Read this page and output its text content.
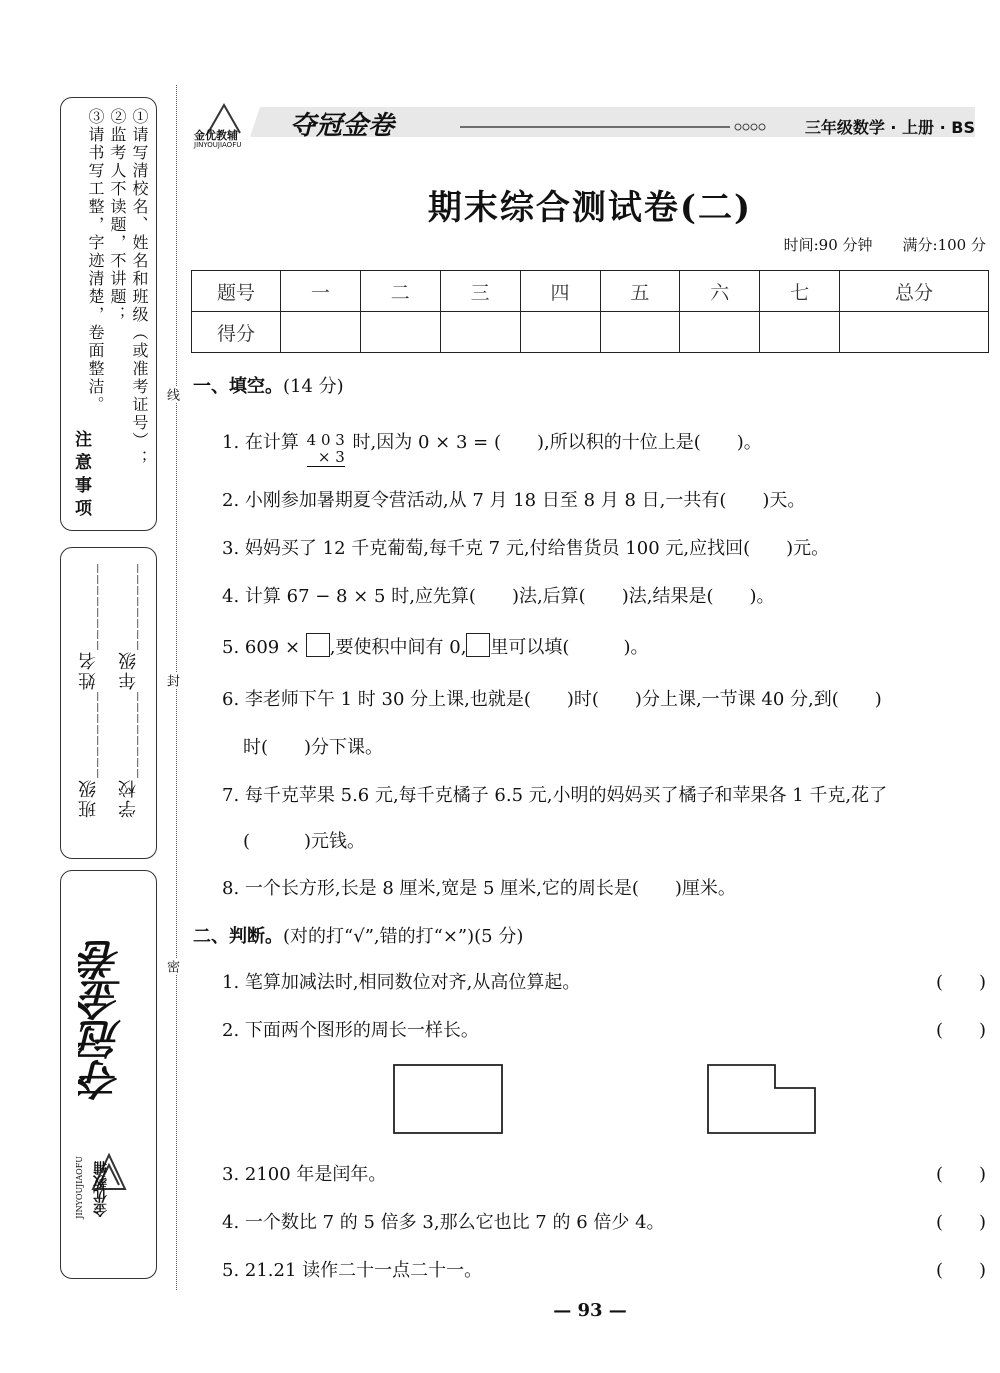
注意事项
①请写清校名、姓名和班级（或准考证号）；
②监考人不读题，不讲题；
③请书写工整，字迹清楚，卷面整洁。
学校________年级________
班级________姓名________
夺冠金卷
金优教辅
JINYOUJIAOFU
线
封
密
金优教辅
JINYOUJIAOFU
夺冠金卷	三年级数学 · 上册 · BS
期末综合测试卷(二)
时间:90 分钟　　满分:100 分
题号	一	二	三	四	五	六	七	总分
得分								
一、填空。(14 分)
1. 在计算 4 0 3
× 3
时,因为 0 × 3 = (　　),所以积的十位上是(　　)。
2. 小刚参加暑期夏令营活动,从 7 月 18 日至 8 月 8 日,一共有(　　)天。
3. 妈妈买了 12 千克葡萄,每千克 7 元,付给售货员 100 元,应找回(　　)元。
4. 计算 67 − 8 × 5 时,应先算(　　)法,后算(　　)法,结果是(　　)。
5. 609 × ,要使积中间有 0, 里可以填(　　　)。
6. 李老师下午 1 时 30 分上课,也就是(　　)时(　　)分上课,一节课 40 分,到(　　)
时(　　)分下课。
7. 每千克苹果 5.6 元,每千克橘子 6.5 元,小明的妈妈买了橘子和苹果各 1 千克,花了
(　　　)元钱。
8. 一个长方形,长是 8 厘米,宽是 5 厘米,它的周长是(　　)厘米。
二、判断。(对的打“√”,错的打“×”)(5 分)
1. 笔算加减法时,相同数位对齐,从高位算起。	(　　)
2. 下面两个图形的周长一样长。	(　　)
3. 2100 年是闰年。	(　　)
4. 一个数比 7 的 5 倍多 3,那么它也比 7 的 6 倍少 4。	(　　)
5. 21.21 读作二十一点二十一。	(　　)
— 93 —
